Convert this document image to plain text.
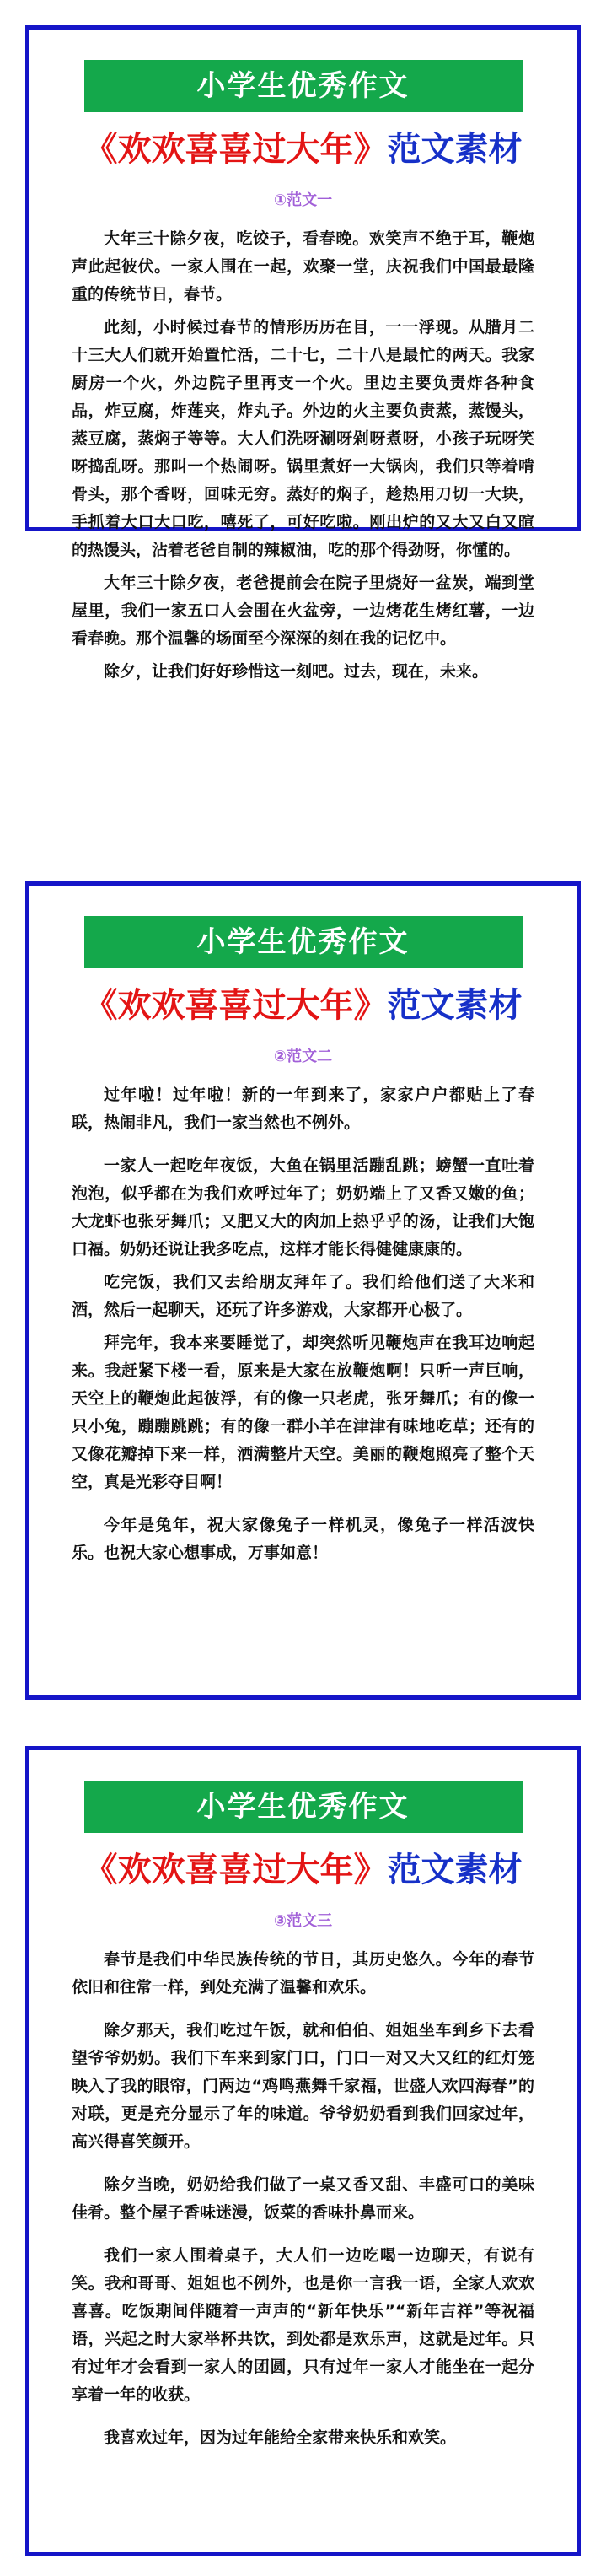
小学生优秀作文
《欢欢喜喜过大年》范文素材
①范文一

大年三十除夕夜，吃饺子，看春晚。欢笑声不绝于耳，鞭炮声此起彼伏。一家人围在一起，欢聚一堂，庆祝我们中国最最隆重的传统节日，春节。

此刻，小时候过春节的情形历历在目，一一浮现。从腊月二十三大人们就开始置忙活，二十七，二十八是最忙的两天。我家厨房一个火，外边院子里再支一个火。里边主要负责炸各种食品，炸豆腐，炸莲夹，炸丸子。外边的火主要负责蒸，蒸馒头，蒸豆腐，蒸焖子等等。大人们洗呀涮呀剁呀煮呀，小孩子玩呀笑呀捣乱呀。那叫一个热闹呀。锅里煮好一大锅肉，我们只等着啃骨头，那个香呀，回味无穷。蒸好的焖子，趁热用刀切一大块，手抓着大口大口吃，嘻死了，可好吃啦。刚出炉的又大又白又暄的热馒头，沾着老爸自制的辣椒油，吃的那个得劲呀，你懂的。

大年三十除夕夜，老爸提前会在院子里烧好一盆炭，端到堂屋里，我们一家五口人会围在火盆旁，一边烤花生烤红薯，一边看春晚。那个温馨的场面至今深深的刻在我的记忆中。

除夕，让我们好好珍惜这一刻吧。过去，现在，未来。

小学生优秀作文
《欢欢喜喜过大年》范文素材
②范文二

过年啦！过年啦！新的一年到来了，家家户户都贴上了春联，热闹非凡，我们一家当然也不例外。

一家人一起吃年夜饭，大鱼在锅里活蹦乱跳；螃蟹一直吐着泡泡，似乎都在为我们欢呼过年了；奶奶端上了又香又嫩的鱼；大龙虾也张牙舞爪；又肥又大的肉加上热乎乎的汤，让我们大饱口福。奶奶还说让我多吃点，这样才能长得健健康康的。

吃完饭，我们又去给朋友拜年了。我们给他们送了大米和酒，然后一起聊天，还玩了许多游戏，大家都开心极了。

拜完年，我本来要睡觉了，却突然听见鞭炮声在我耳边响起来。我赶紧下楼一看，原来是大家在放鞭炮啊！只听一声巨响，天空上的鞭炮此起彼浮，有的像一只老虎，张牙舞爪；有的像一只小兔，蹦蹦跳跳；有的像一群小羊在津津有味地吃草；还有的又像花瓣掉下来一样，洒满整片天空。美丽的鞭炮照亮了整个天空，真是光彩夺目啊！

今年是兔年，祝大家像兔子一样机灵，像兔子一样活波快乐。也祝大家心想事成，万事如意！

小学生优秀作文
《欢欢喜喜过大年》范文素材
③范文三

春节是我们中华民族传统的节日，其历史悠久。今年的春节依旧和往常一样，到处充满了温馨和欢乐。

除夕那天，我们吃过午饭，就和伯伯、姐姐坐车到乡下去看望爷爷奶奶。我们下车来到家门口，门口一对又大又红的红灯笼映入了我的眼帘，门两边“鸡鸣燕舞千家福，世盛人欢四海春”的对联，更是充分显示了年的味道。爷爷奶奶看到我们回家过年，高兴得喜笑颜开。

除夕当晚，奶奶给我们做了一桌又香又甜、丰盛可口的美味佳肴。整个屋子香味迷漫，饭菜的香味扑鼻而来。

我们一家人围着桌子，大人们一边吃喝一边聊天，有说有笑。我和哥哥、姐姐也不例外，也是你一言我一语，全家人欢欢喜喜。吃饭期间伴随着一声声的“新年快乐”“新年吉祥”等祝福语，兴起之时大家举杯共饮，到处都是欢乐声，这就是过年。只有过年才会看到一家人的团圆，只有过年一家人才能坐在一起分享着一年的收获。

我喜欢过年，因为过年能给全家带来快乐和欢笑。
